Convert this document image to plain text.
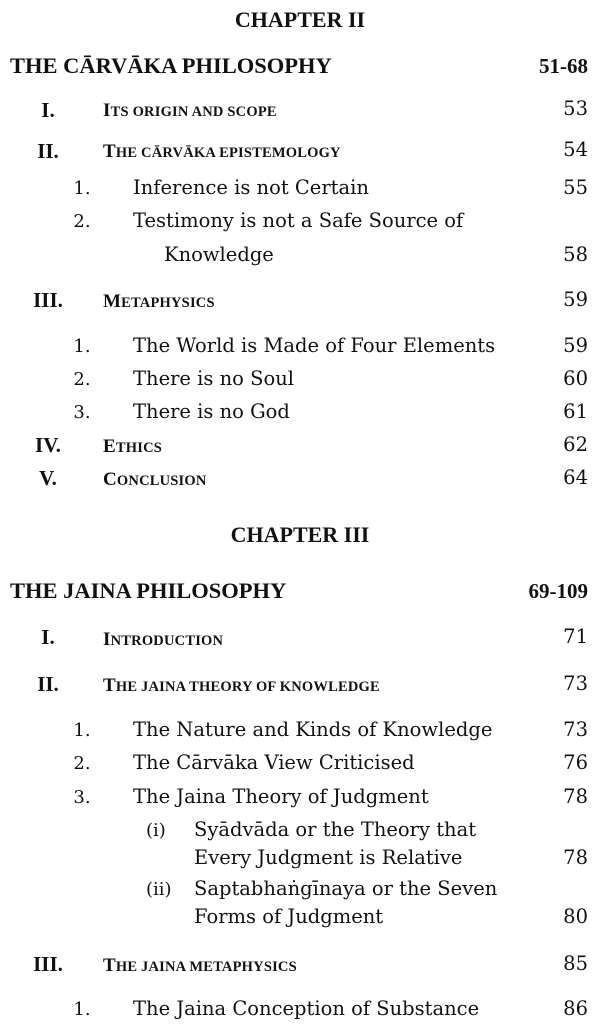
CHAPTER II
THE CĀRVĀKA PHILOSOPHY	51-68
I.	ITS ORIGIN AND SCOPE	53
II.	THE CĀRVĀKA EPISTEMOLOGY	54
1.	Inference is not Certain	55
2.	Testimony is not a Safe Source of
Knowledge	58
III.	METAPHYSICS	59
1.	The World is Made of Four Elements	59
2.	There is no Soul	60
3.	There is no God	61
IV.	ETHICS	62
V.	CONCLUSION	64
CHAPTER III
THE JAINA PHILOSOPHY	69-109
I.	INTRODUCTION	71
II.	THE JAINA THEORY OF KNOWLEDGE	73
1.	The Nature and Kinds of Knowledge	73
2.	The Cārvāka View Criticised	76
3.	The Jaina Theory of Judgment	78
(i) Syādvāda or the Theory that
Every Judgment is Relative	78
(ii) Saptabhaṅgīnaya or the Seven
Forms of Judgment	80
III.	THE JAINA METAPHYSICS	85
1.	The Jaina Conception of Substance	86
